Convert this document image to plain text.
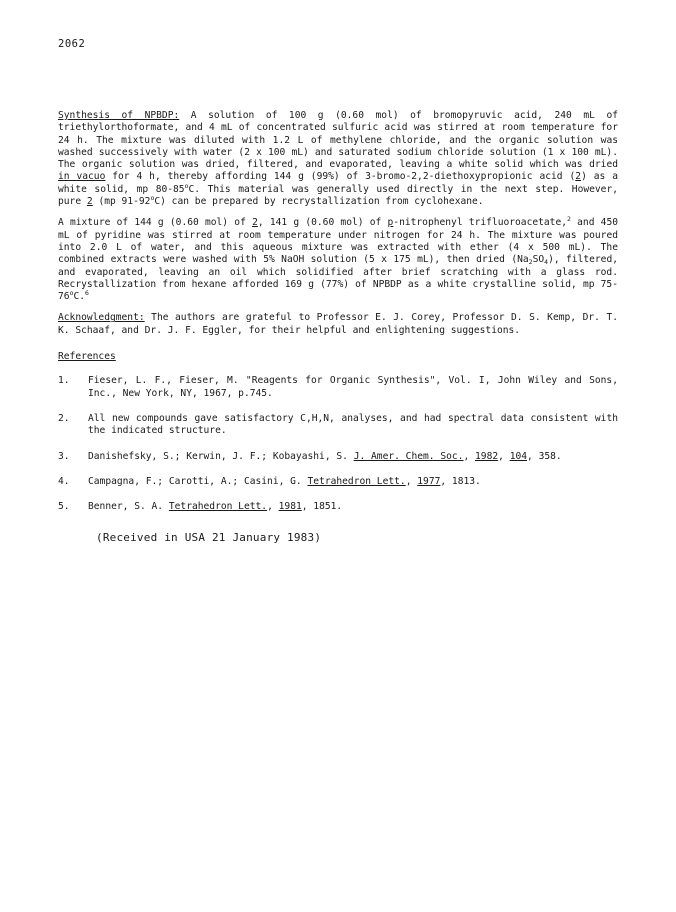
2062

Synthesis of NPBDP: A solution of 100 g (0.60 mol) of bromopyruvic acid, 240 mL of triethylorthoformate, and 4 mL of concentrated sulfuric acid was stirred at room temperature for 24 h. The mixture was diluted with 1.2 L of methylene chloride, and the organic solution was washed successively with water (2 x 100 mL) and saturated sodium chloride solution (1 x 100 mL). The organic solution was dried, filtered, and evaporated, leaving a white solid which was dried in vacuo for 4 h, thereby affording 144 g (99%) of 3-bromo-2,2-diethoxypropionic acid (2) as a white solid, mp 80-85$^o$C. This material was generally used directly in the next step. However, pure 2 (mp 91-92$^o$C) can be prepared by recrystallization from cyclohexane.

A mixture of 144 g (0.60 mol) of 2, 141 g (0.60 mol) of p-nitrophenyl trifluoroacetate,$^2$ and 450 mL of pyridine was stirred at room temperature under nitrogen for 24 h. The mixture was poured into 2.0 L of water, and this aqueous mixture was extracted with ether (4 x 500 mL). The combined extracts were washed with 5% NaOH solution (5 x 175 mL), then dried $(Na_2SO_4)$, filtered, and evaporated, leaving an oil which solidified after brief scratching with a glass rod. Recrystallization from hexane afforded 169 g (77%) of NPBDP as a white crystalline solid, mp 75-76$^o$C.$^6$

Acknowledgment: The authors are grateful to Professor E. J. Corey, Professor D. S. Kemp, Dr. T. K. Schaaf, and Dr. J. F. Eggler, for their helpful and enlightening suggestions.

References
1.	Fieser, L. F., Fieser, M. "Reagents for Organic Synthesis", Vol. I, John Wiley and Sons, Inc., New York, NY, 1967, p.745.
2.	All new compounds gave satisfactory C,H,N, analyses, and had spectral data consistent with the indicated structure.
3.	Danishefsky, S.; Kerwin, J. F.; Kobayashi, S. J. Amer. Chem. Soc., 1982, 104, 358.
4.	Campagna, F.; Carotti, A.; Casini, G. Tetrahedron Lett., 1977, 1813.
5.	Benner, S. A. Tetrahedron Lett., 1981, 1851.
(Received in USA 21 January 1983)
